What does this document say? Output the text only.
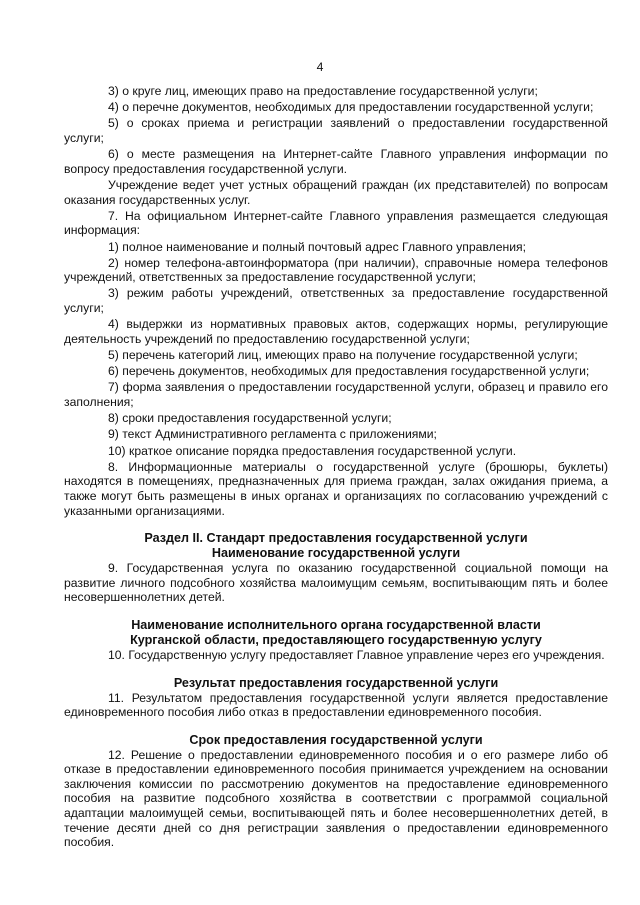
4

3) о круге лиц, имеющих право на предоставление государственной услуги;

4) о перечне документов, необходимых для предоставлении государственной услуги;

5) о сроках приема и регистрации заявлений о предоставлении государственной услуги;

6) о месте размещения на Интернет-сайте Главного управления информации по вопросу предоставления государственной услуги.

Учреждение ведет учет устных обращений граждан (их представителей) по вопросам оказания государственных услуг.

7. На официальном Интернет-сайте Главного управления размещается следующая информация:

1) полное наименование и полный почтовый адрес Главного управления;

2) номер телефона-автоинформатора (при наличии), справочные номера телефонов учреждений, ответственных за предоставление государственной услуги;

3) режим работы учреждений, ответственных за предоставление государственной услуги;

4) выдержки из нормативных правовых актов, содержащих нормы, регулирующие деятельность учреждений по предоставлению государственной услуги;

5) перечень категорий лиц, имеющих право на получение государственной услуги;

6) перечень документов, необходимых для предоставления государственной услуги;

7) форма заявления о предоставлении государственной услуги, образец и правило его заполнения;

8) сроки предоставления государственной услуги;

9) текст Административного регламента с приложениями;

10) краткое описание порядка предоставления государственной услуги.

8. Информационные материалы о государственной услуге (брошюры, буклеты) находятся в помещениях, предназначенных для приема граждан, залах ожидания приема, а также могут быть размещены в иных органах и организациях по согласованию учреждений с указанными организациями.

Раздел II. Стандарт предоставления государственной услуги
Наименование государственной услуги

9. Государственная услуга по оказанию государственной социальной помощи на развитие личного подсобного хозяйства малоимущим семьям, воспитывающим пять и более несовершеннолетних детей.

Наименование исполнительного органа государственной власти
Курганской области, предоставляющего государственную услугу

10. Государственную услугу предоставляет Главное управление через его учреждения.

Результат предоставления государственной услуги

11. Результатом предоставления государственной услуги является предоставление единовременного пособия либо отказ в предоставлении единовременного пособия.

Срок предоставления государственной услуги

12. Решение о предоставлении единовременного пособия и о его размере либо об отказе в предоставлении единовременного пособия принимается учреждением на основании заключения комиссии по рассмотрению документов на предоставление единовременного пособия на развитие подсобного хозяйства в соответствии с программой социальной адаптации малоимущей семьи, воспитывающей пять и более несовершеннолетних детей, в течение десяти дней со дня регистрации заявления о предоставлении единовременного пособия.
